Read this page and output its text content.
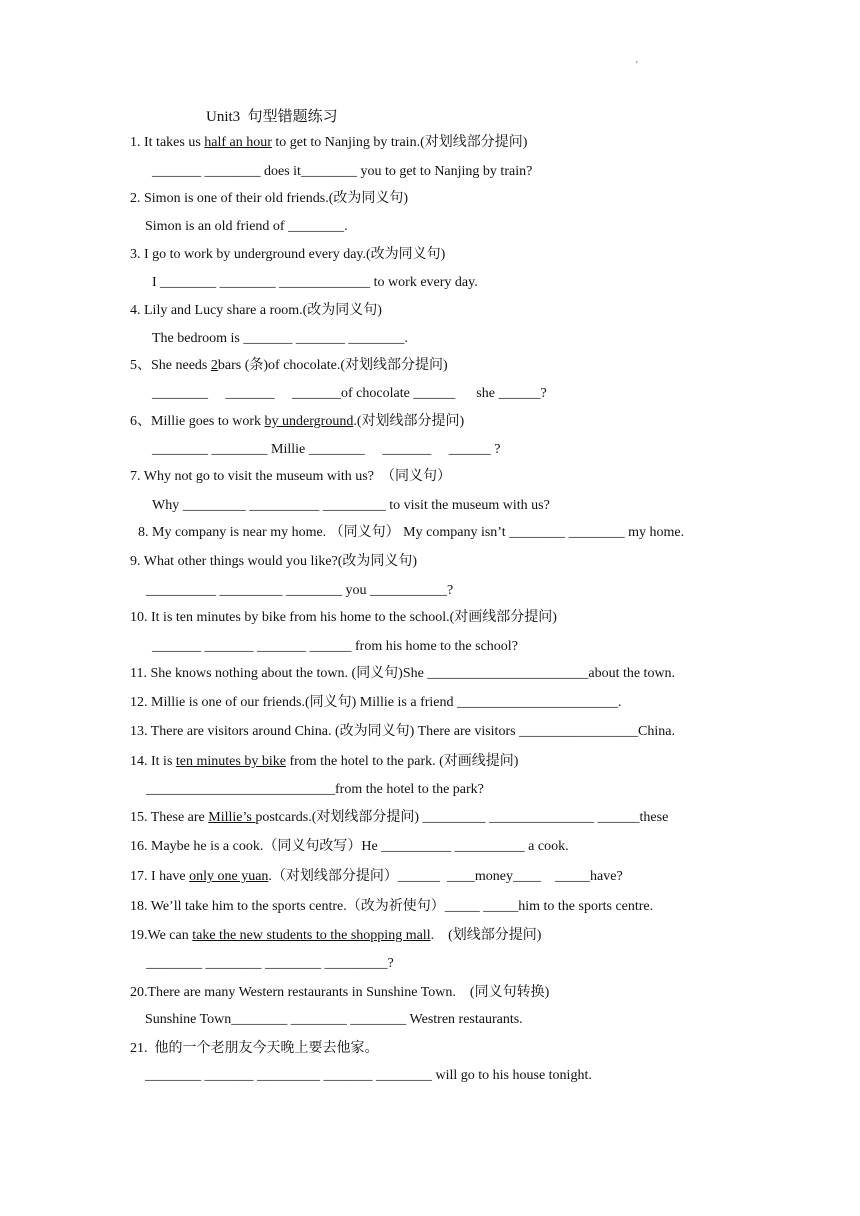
'
Unit3  句型错题练习
1. It takes us half an hour to get to Nanjing by train.(对划线部分提问)
_______ ________ does it________ you to get to Nanjing by train?
2. Simon is one of their old friends.(改为同义句)
Simon is an old friend of ________.
3. I go to work by underground every day.(改为同义句)
I ________ ________ _____________ to work every day.
4. Lily and Lucy share a room.(改为同义句)
The bedroom is _______ _______ ________.
5、She needs 2bars (条)of chocolate.(对划线部分提问)
________     _______     _______of chocolate ______      she ______?
6、Millie goes to work by underground.(对划线部分提问)
________ ________ Millie ________     _______     ______ ?
7. Why not go to visit the museum with us?  （同义句）
Why _________ __________ _________ to visit the museum with us?
8. My company is near my home. （同义句） My company isn’t ________ ________ my home.
9. What other things would you like?(改为同义句)
__________ _________ ________ you ___________?
10. It is ten minutes by bike from his home to the school.(对画线部分提问)
_______ _______ _______ ______ from his home to the school?
11. She knows nothing about the town. (同义句)She _______________________about the town.
12. Millie is one of our friends.(同义句) Millie is a friend _______________________.
13. There are visitors around China. (改为同义句) There are visitors _________________China.
14. It is ten minutes by bike from the hotel to the park. (对画线提问)
___________________________from the hotel to the park?
15. These are Millie’s postcards.(对划线部分提问) _________ _______________ ______these
16. Maybe he is a cook.（同义句改写）He __________ __________ a cook.
17. I have only one yuan.（对划线部分提问）______  ____money____    _____have?
18. We’ll take him to the sports centre.（改为祈使句）_____ _____him to the sports centre.
19.We can take the new students to the shopping mall.    (划线部分提问)
________ ________ ________ _________?
20.There are many Western restaurants in Sunshine Town.    (同义句转换)
Sunshine Town________ ________ ________ Westren restaurants.
21.  他的一个老朋友今天晚上要去他家。
________ _______ _________ _______ ________ will go to his house tonight.
